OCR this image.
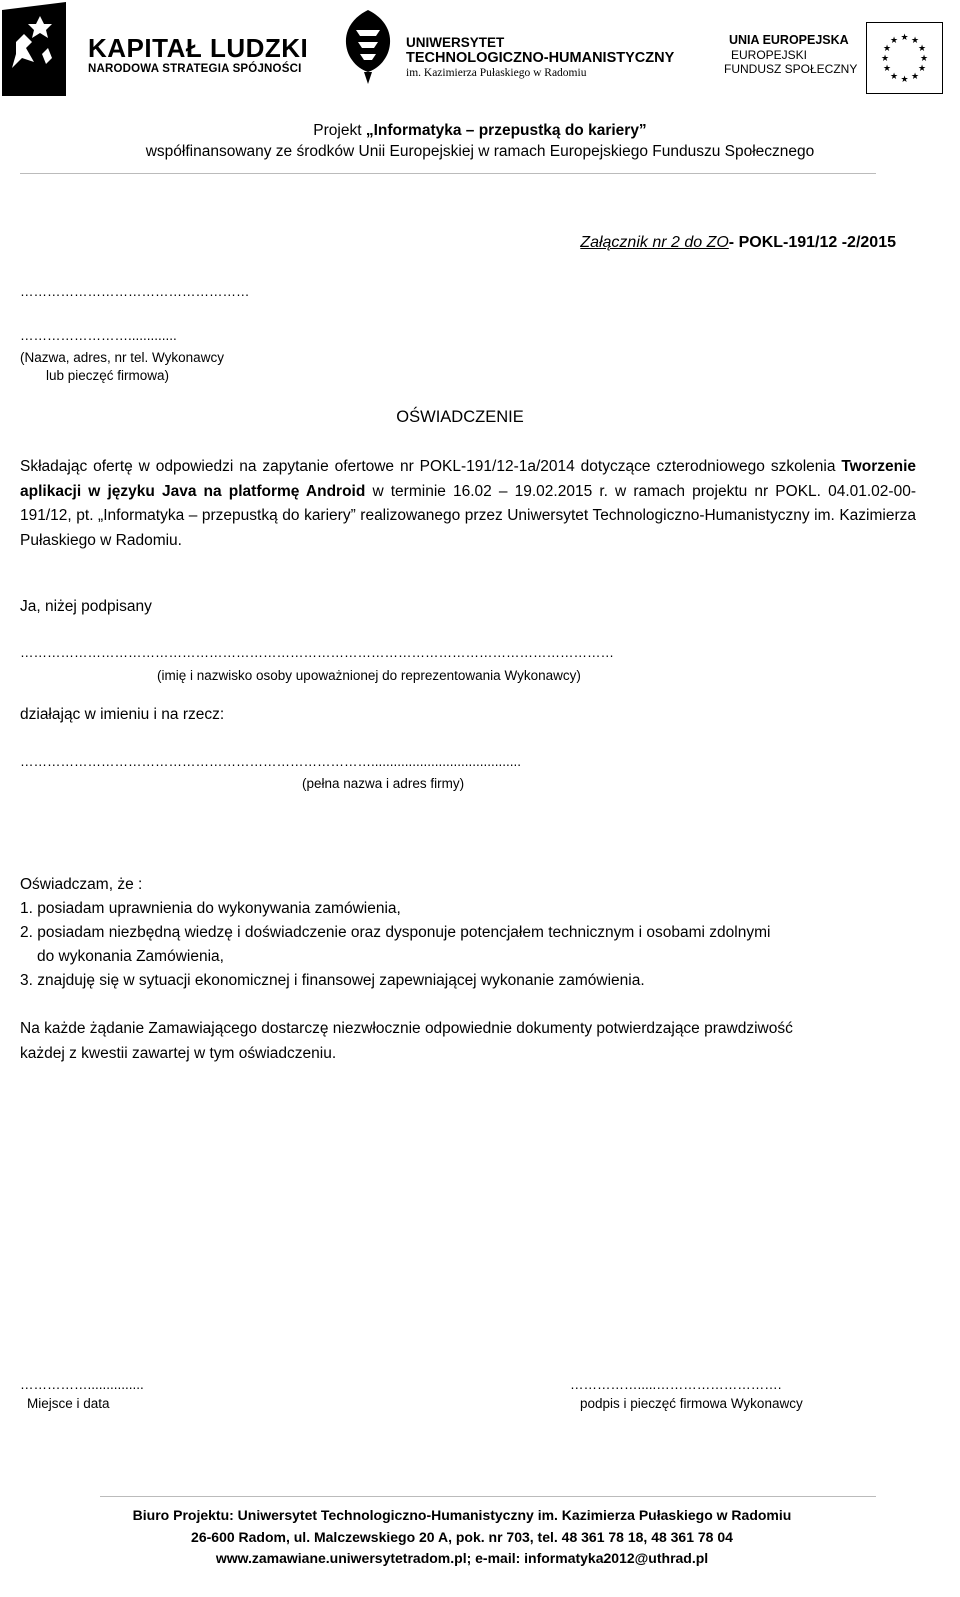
KAPITAŁ LUDZKI
NARODOWA STRATEGIA SPÓJNOŚCI
UNIWERSYTET
TECHNOLOGICZNO-HUMANISTYCZNY
im. Kazimierza Pułaskiego w Radomiu
UNIA EUROPEJSKA
EUROPEJSKI
FUNDUSZ SPOŁECZNY
★ ★
★
★
★
★
★
★
★
★
★
★
Projekt „Informatyka – przepustką do kariery”
współfinansowany ze środków Unii Europejskiej w ramach Europejskiego Funduszu Społecznego
Załącznik nr 2 do ZO- POKL-191/12 -2/2015
……………………………………………
…………………….............
(Nazwa, adres, nr tel. Wykonawcy
lub pieczęć firmowa)
OŚWIADCZENIE
Składając ofertę w odpowiedzi na zapytanie ofertowe nr POKL-191/12-1a/2014 dotyczące czterodniowego szkolenia Tworzenie aplikacji w języku Java na platformę Android w terminie 16.02 – 19.02.2015 r. w ramach projektu nr POKL. 04.01.02-00-191/12, pt. „Informatyka – przepustką do kariery” realizowanego przez Uniwersytet Technologiczno-Humanistyczny im. Kazimierza Pułaskiego w Radomiu.
Ja, niżej podpisany
……………………………………………………………………………………………………………………
(imię i nazwisko osoby upoważnionej do reprezentowania Wykonawcy)
działając w imieniu i na rzecz:
……………………………………………………………………........................................
(pełna nazwa i adres firmy)
Oświadczam, że :
1. posiadam uprawnienia do wykonywania zamówienia,
2. posiadam niezbędną wiedzę i doświadczenie oraz dysponuje potencjałem technicznym i osobami zdolnymi
do wykonania Zamówienia,
3. znajduję się w sytuacji ekonomicznej i finansowej zapewniającej wykonanie zamówienia.
Na każde żądanie Zamawiającego dostarczę niezwłocznie odpowiednie dokumenty potwierdzające prawdziwość każdej z kwestii zawartej w tym oświadczeniu.
……………...............
Miejsce i data
…………….....……………………….
podpis i pieczęć firmowa Wykonawcy
Biuro Projektu: Uniwersytet Technologiczno-Humanistyczny im. Kazimierza Pułaskiego w Radomiu
26-600 Radom, ul. Malczewskiego 20 A, pok. nr 703, tel. 48 361 78 18, 48 361 78 04
www.zamawiane.uniwersytetradom.pl; e-mail: informatyka2012@uthrad.pl
